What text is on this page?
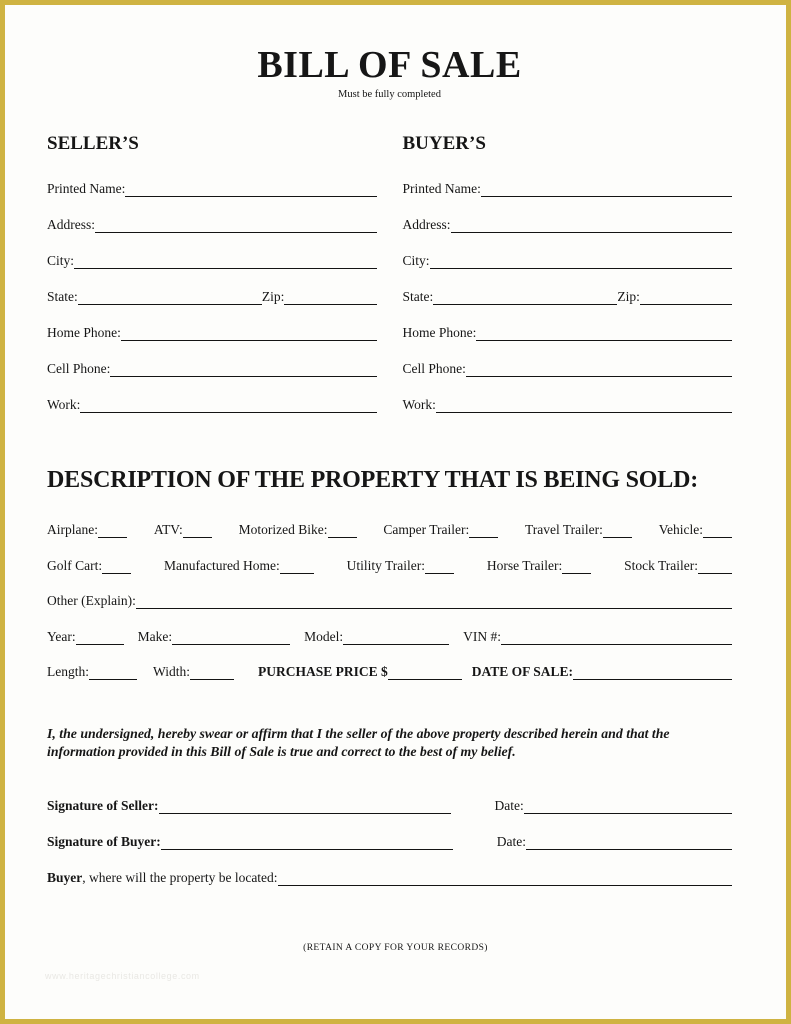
BILL OF SALE
Must be fully completed
SELLER’S
Printed Name:
Address:
City:
State:	Zip:
Home Phone:
Cell Phone:
Work:
BUYER’S
Printed Name:
Address:
City:
State:	Zip:
Home Phone:
Cell Phone:
Work:
DESCRIPTION OF THE PROPERTY THAT IS BEING SOLD:
Airplane:	ATV:	Motorized Bike:	Camper Trailer:	Travel Trailer:	Vehicle:
Golf Cart:	Manufactured Home:	Utility Trailer:	Horse Trailer:	Stock Trailer:
Other (Explain):
Year:	Make:	Model:	VIN #:
Length:	Width:	PURCHASE PRICE $	DATE OF SALE:

I, the undersigned, hereby swear or affirm that I the seller of the above property described herein and that the information provided in this Bill of Sale is true and correct to the best of my belief.

Signature of Seller:	Date:
Signature of Buyer:	Date:
Buyer , where will the property be located:
(RETAIN A COPY FOR YOUR RECORDS)
www.heritagechristiancollege.com
